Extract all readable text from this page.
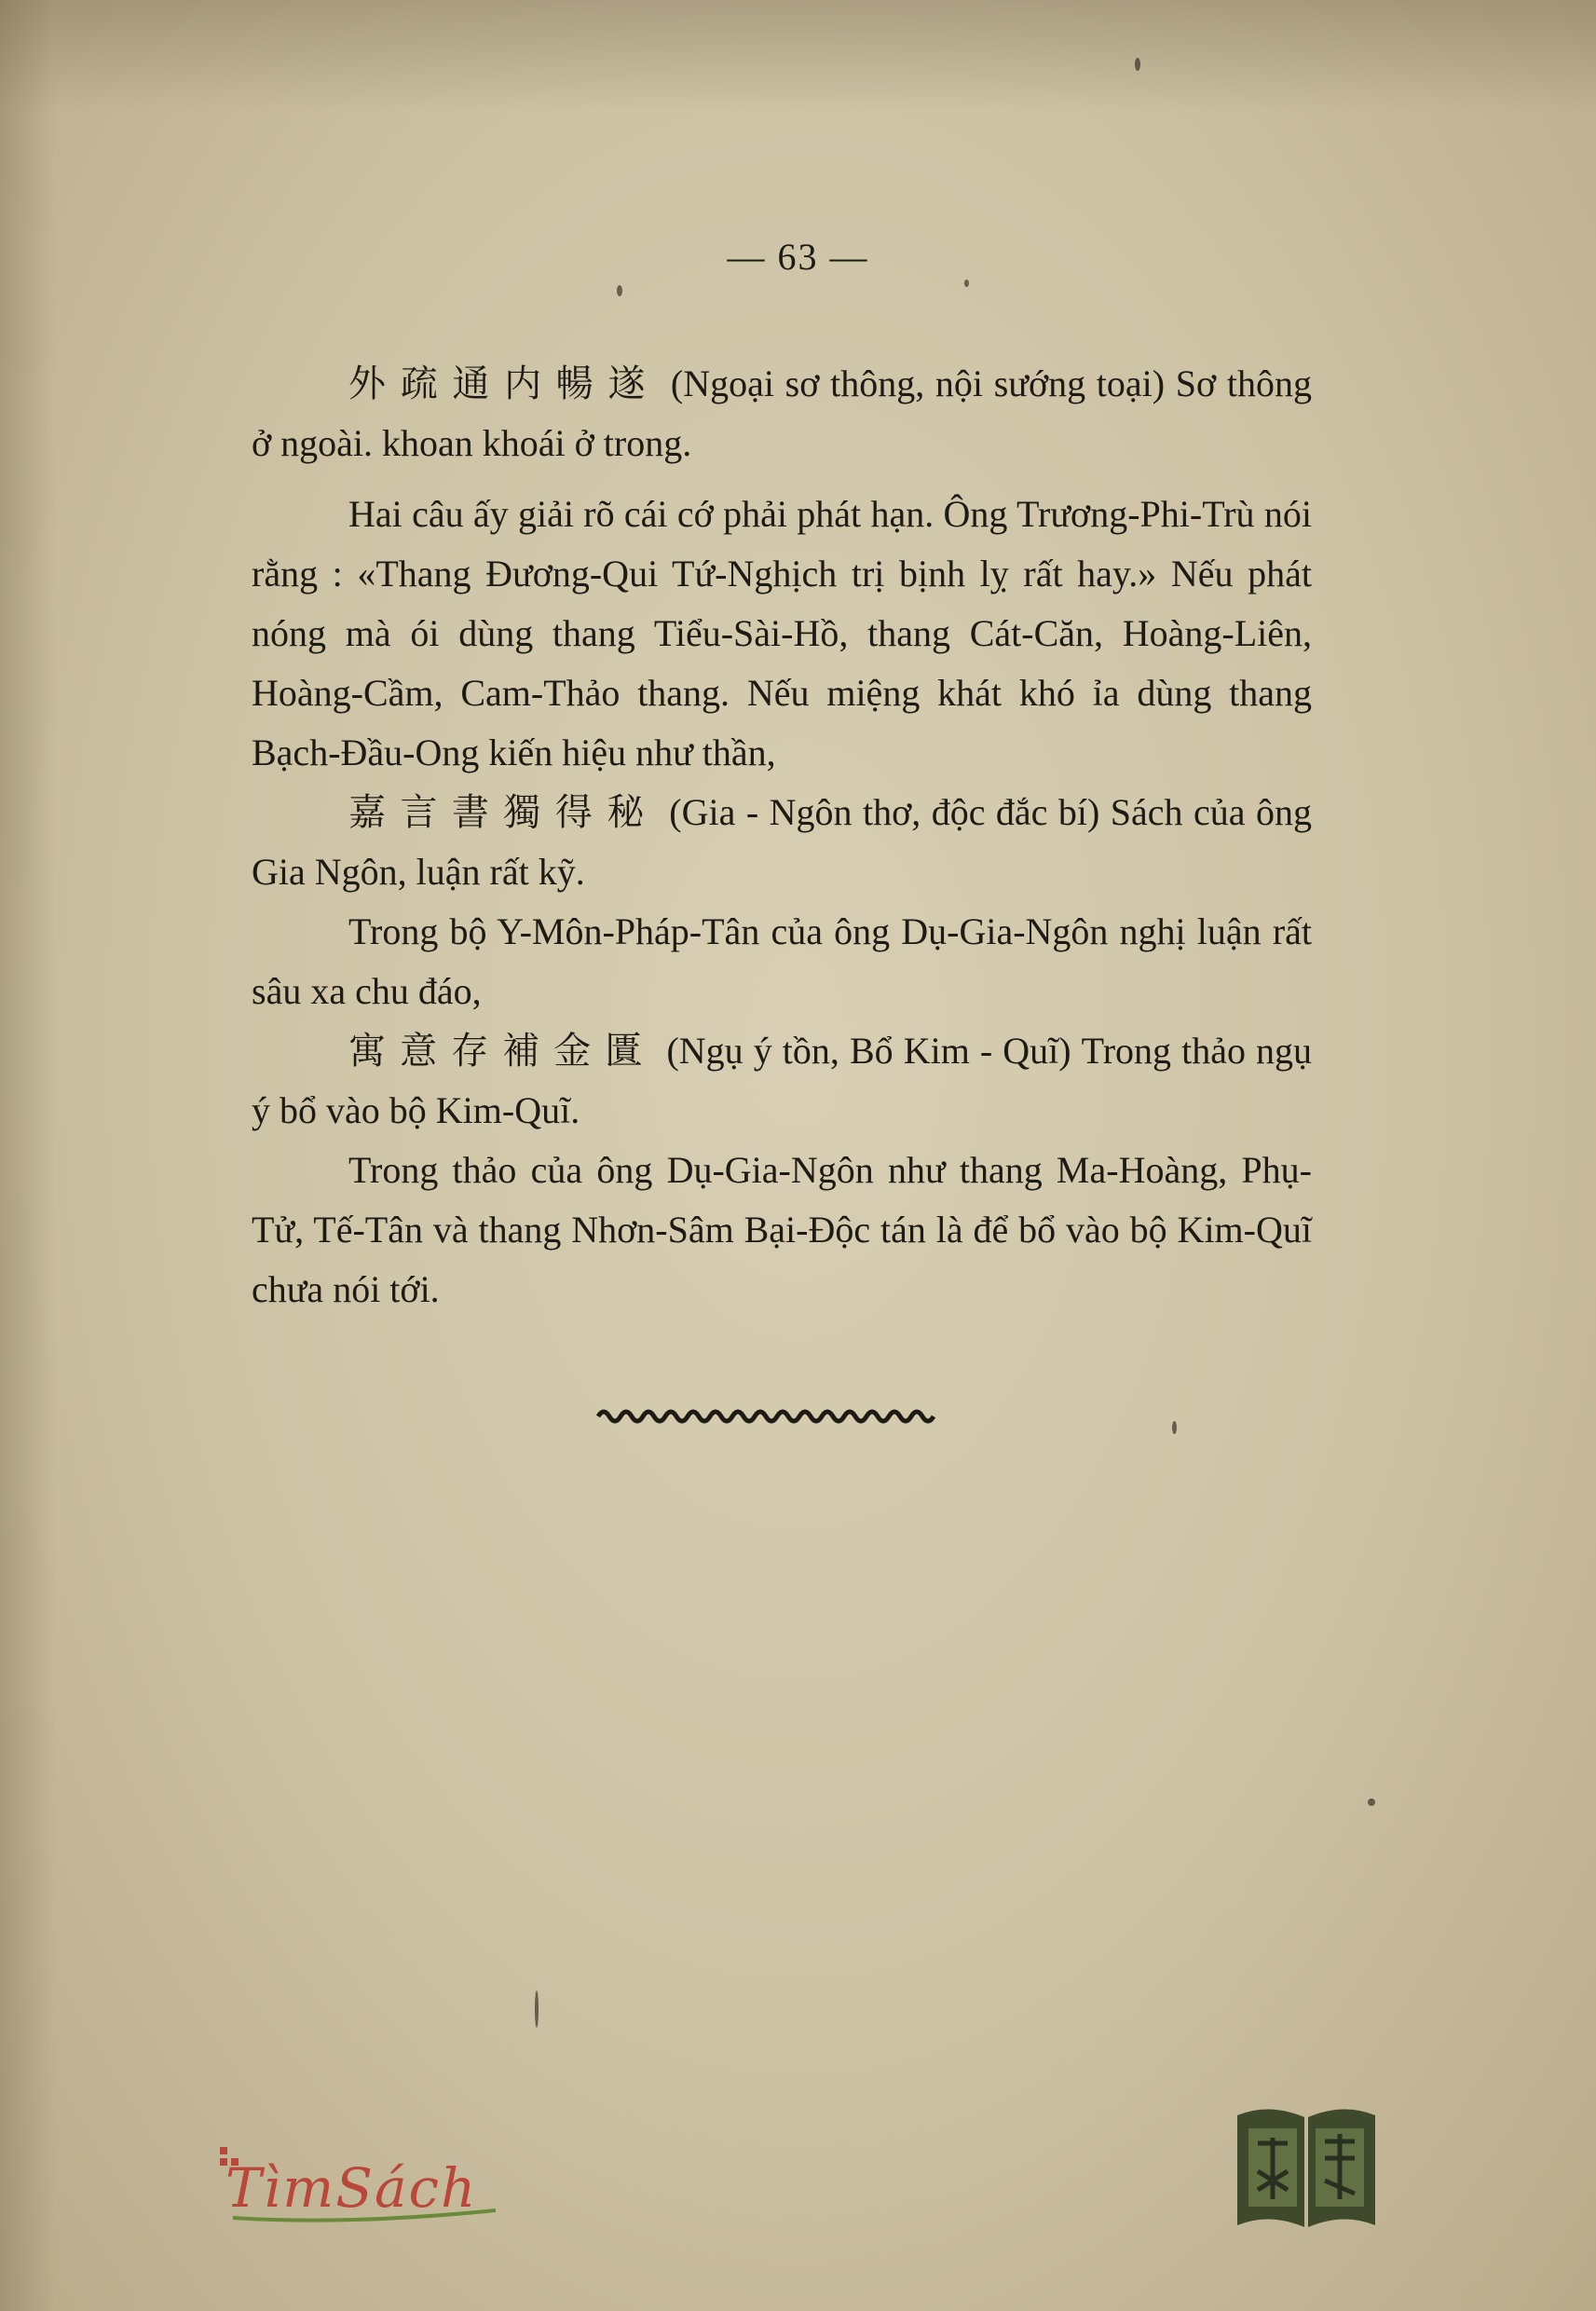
— 63 —

外疏通内暢遂 (Ngoại sơ thông, nội sướng toại) Sơ thông ở ngoài. khoan khoái ở trong.

Hai câu ấy giải rõ cái cớ phải phát hạn. Ông Trương-Phi-Trù nói rằng : «Thang Đương-Qui Tứ-Nghịch trị bịnh lỵ rất hay.» Nếu phát nóng mà ói dùng thang Tiểu-Sài-Hồ, thang Cát-Căn, Hoàng-Liên, Hoàng-Cầm, Cam-Thảo thang. Nếu miệng khát khó ỉa dùng thang Bạch-Đầu-Ong kiến hiệu như thần,

嘉言書獨得秘 (Gia - Ngôn thơ, độc đắc bí) Sách của ông Gia Ngôn, luận rất kỹ.

Trong bộ Y-Môn-Pháp-Tân của ông Dụ-Gia-Ngôn nghị luận rất sâu xa chu đáo,

寓意存補金匱 (Ngụ ý tồn, Bổ Kim - Quĩ) Trong thảo ngụ ý bổ vào bộ Kim-Quĩ.

Trong thảo của ông Dụ-Gia-Ngôn như thang Ma-Hoàng, Phụ-Tử, Tế-Tân và thang Nhơn-Sâm Bại-Độc tán là để bổ vào bộ Kim-Quĩ chưa nói tới.

TìmSách
